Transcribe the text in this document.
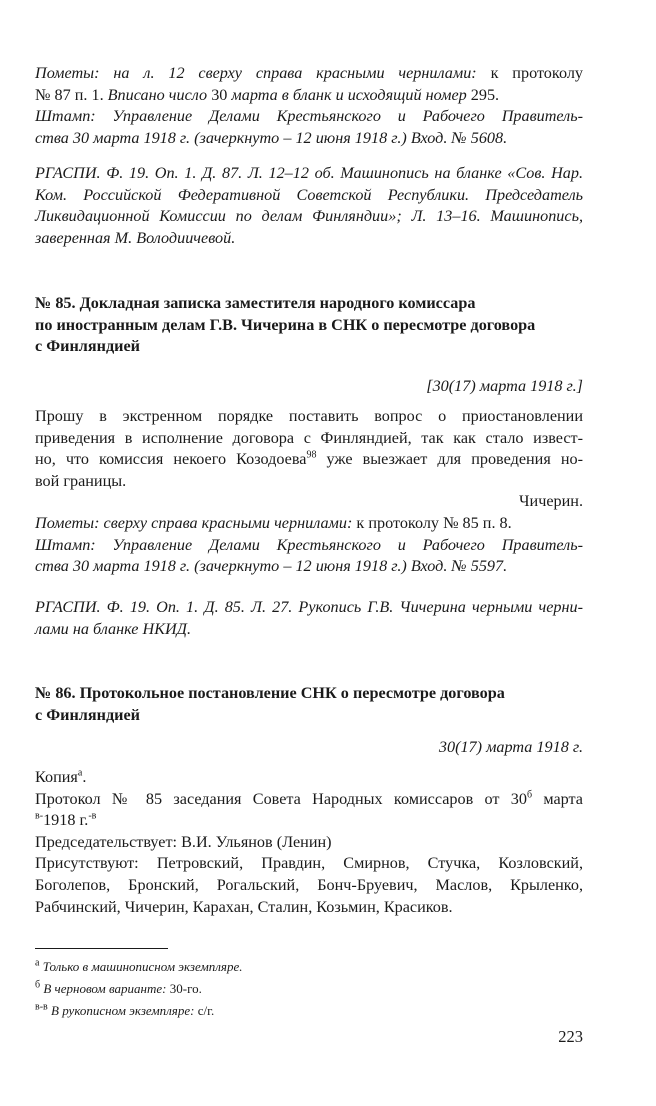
Пометы: на л. 12 сверху справа красными чернилами: к протоколу
№ 87 п. 1. Вписано число 30 марта в бланк и исходящий номер 295.
Штамп: Управление Делами Крестьянского и Рабочего Правитель-
ства 30 марта 1918 г. (зачеркнуто – 12 июня 1918 г.) Вход. № 5608.
РГАСПИ. Ф. 19. Оп. 1. Д. 87. Л. 12–12 об. Машинопись на бланке «Сов. Нар.
Ком. Российской Федеративной Советской Республики. Председатель
Ликвидационной Комиссии по делам Финляндии»; Л. 13–16. Машинопись,
заверенная М. Володиичевой.
№ 85. Докладная записка заместителя народного комиссара
по иностранным делам Г.В. Чичерина в СНК о пересмотре договора
с Финляндией
[30(17) марта 1918 г.]
Прошу в экстренном порядке поставить вопрос о приостановлении
приведения в исполнение договора с Финляндией, так как стало извест-
но, что комиссия некоего Козодоева$^{98}$ уже выезжает для проведения но-
вой границы.
Чичерин.
Пометы: сверху справа красными чернилами: к протоколу № 85 п. 8.
Штамп: Управление Делами Крестьянского и Рабочего Правитель-
ства 30 марта 1918 г. (зачеркнуто – 12 июня 1918 г.) Вход. № 5597.
РГАСПИ. Ф. 19. Оп. 1. Д. 85. Л. 27. Рукопись Г.В. Чичерина черными черни-
лами на бланке НКИД.
№ 86. Протокольное постановление СНК о пересмотре договора
с Финляндией
30(17) марта 1918 г.
Копия$^а$.
Протокол № 85 заседания Совета Народных комиссаров от $30^б$ марта
$^{в-}$1918 г.$^{-в}$
Председательствует: В.И. Ульянов (Ленин)
Присутствуют: Петровский, Правдин, Смирнов, Стучка, Козловский,
Боголепов, Бронский, Рогальский, Бонч-Бруевич, Маслов, Крыленко,
Рабчинский, Чичерин, Карахан, Сталин, Козьмин, Красиков.
$^а$ Только в машинописном экземпляре.
$^б$ В черновом варианте: 30-го.
$^{в-в}$ В рукописном экземпляре: с/г.
223
